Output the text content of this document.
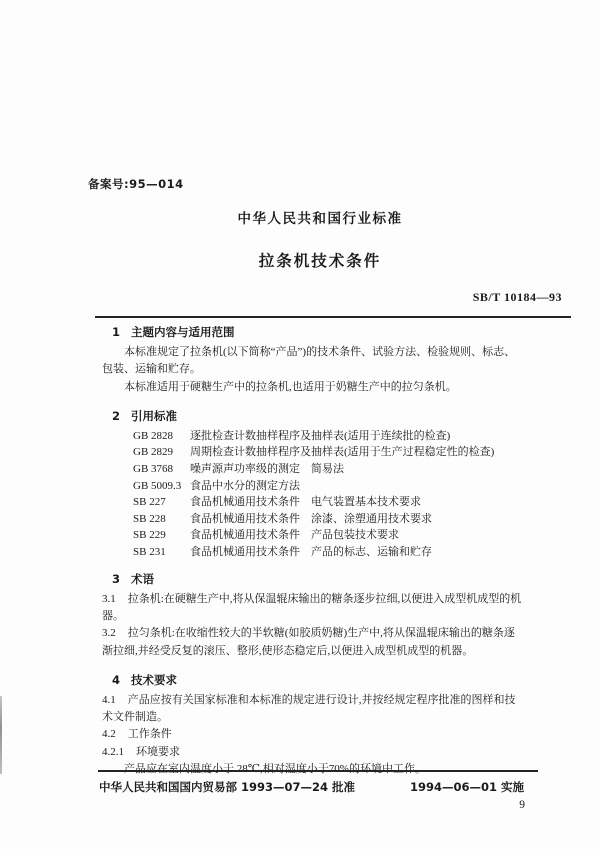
备案号:95—014
中华人民共和国行业标准
拉条机技术条件
SB/T 10184—93
1 主题内容与适用范围

本标准规定了拉条机(以下简称“产品”)的技术条件、试验方法、检验规则、标志、包装、运输和贮存。

本标准适用于硬糖生产中的拉条机,也适用于奶糖生产中的拉匀条机。

2 引用标准
GB 2828 逐批检查计数抽样程序及抽样表(适用于连续批的检查)
GB 2829 周期检查计数抽样程序及抽样表(适用于生产过程稳定性的检查)
GB 3768 噪声源声功率级的测定　简易法
GB 5009.3 食品中水分的测定方法
SB 227 食品机械通用技术条件　电气装置基本技术要求
SB 228 食品机械通用技术条件　涂漆、涂塑通用技术要求
SB 229 食品机械通用技术条件　产品包装技术要求
SB 231 食品机械通用技术条件　产品的标志、运输和贮存
3 术语

3.1 拉条机:在硬糖生产中,将从保温辊床输出的糖条逐步拉细,以便进入成型机成型的机器。

3.2 拉匀条机:在收缩性较大的半软糖(如胶质奶糖)生产中,将从保温辊床输出的糖条逐渐拉细,并经受反复的滚压、整形,使形态稳定后,以便进入成型机成型的机器。

4 技术要求

4.1 产品应按有关国家标准和本标准的规定进行设计,并按经规定程序批准的图样和技术文件制造。

4.2 工作条件

4.2.1 环境要求

中华人民共和国国内贸易部 1993—07—24 批准	1994—06—01 实施
9
